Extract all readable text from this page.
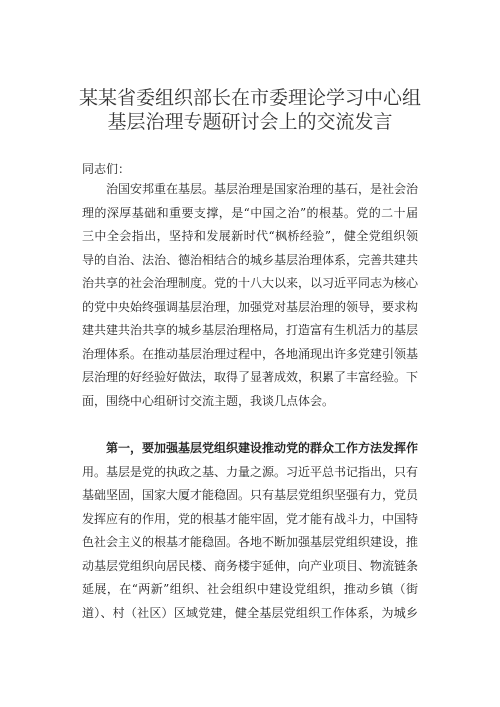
某某省委组织部长在市委理论学习中心组
基层治理专题研讨会上的交流发言
同志们：
治国安邦重在基层。基层治理是国家治理的基石，是社会治
理的深厚基础和重要支撑，是“中国之治”的根基。党的二十届
三中全会指出，坚持和发展新时代“枫桥经验”，健全党组织领
导的自治、法治、德治相结合的城乡基层治理体系，完善共建共
治共享的社会治理制度。党的十八大以来，以习近平同志为核心
的党中央始终强调基层治理，加强党对基层治理的领导，要求构
建共建共治共享的城乡基层治理格局，打造富有生机活力的基层
治理体系。在推动基层治理过程中，各地涌现出许多党建引领基
层治理的好经验好做法，取得了显著成效，积累了丰富经验。下
面，围绕中心组研讨交流主题，我谈几点体会。
第一，要加强基层党组织建设推动党的群众工作方法发挥作
用。基层是党的执政之基、力量之源。习近平总书记指出，只有
基础坚固，国家大厦才能稳固。只有基层党组织坚强有力，党员
发挥应有的作用，党的根基才能牢固，党才能有战斗力，中国特
色社会主义的根基才能稳固。各地不断加强基层党组织建设，推
动基层党组织向居民楼、商务楼宇延伸，向产业项目、物流链条
延展，在“两新”组织、社会组织中建设党组织，推动乡镇（街
道）、村（社区）区域党建，健全基层党组织工作体系，为城乡
